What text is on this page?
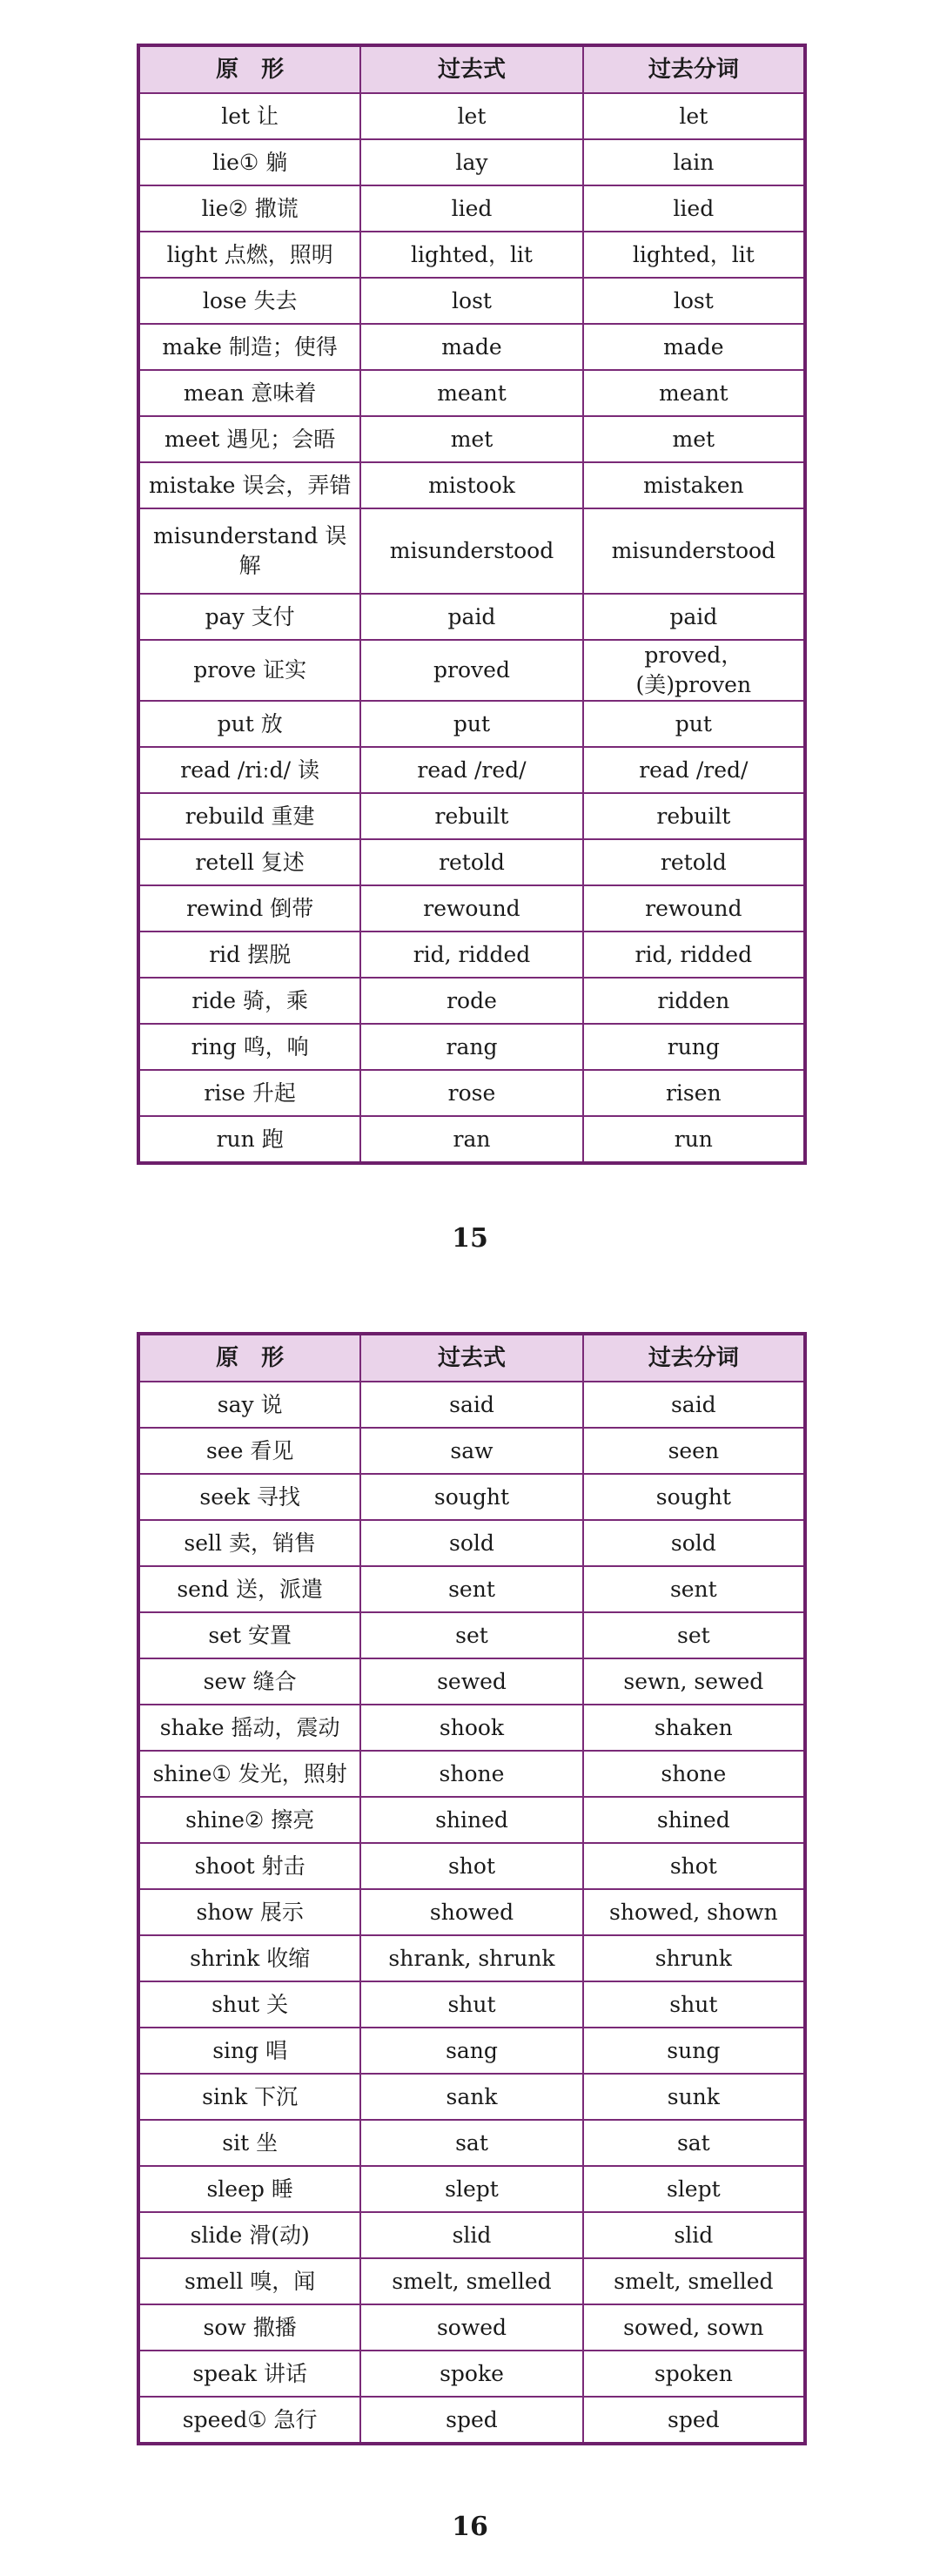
原　形	过去式	过去分词
let 让	let	let
lie① 躺	lay	lain
lie② 撒谎	lied	lied
light 点燃，照明	lighted，lit	lighted，lit
lose 失去	lost	lost
make 制造；使得	made	made
mean 意味着	meant	meant
meet 遇见；会晤	met	met
mistake 误会，弄错	mistook	mistaken
misunderstand 误解	misunderstood	misunderstood
pay 支付	paid	paid
prove 证实	proved	proved，(美)proven
put 放	put	put
read /riːd/ 读	read /red/	read /red/
rebuild 重建	rebuilt	rebuilt
retell 复述	retold	retold
rewind 倒带	rewound	rewound
rid 摆脱	rid, ridded	rid, ridded
ride 骑，乘	rode	ridden
ring 鸣，响	rang	rung
rise 升起	rose	risen
run 跑	ran	run
15
原　形	过去式	过去分词
say 说	said	said
see 看见	saw	seen
seek 寻找	sought	sought
sell 卖，销售	sold	sold
send 送，派遣	sent	sent
set 安置	set	set
sew 缝合	sewed	sewn, sewed
shake 摇动，震动	shook	shaken
shine① 发光，照射	shone	shone
shine② 擦亮	shined	shined
shoot 射击	shot	shot
show 展示	showed	showed, shown
shrink 收缩	shrank, shrunk	shrunk
shut 关	shut	shut
sing 唱	sang	sung
sink 下沉	sank	sunk
sit 坐	sat	sat
sleep 睡	slept	slept
slide 滑(动)	slid	slid
smell 嗅，闻	smelt, smelled	smelt, smelled
sow 撒播	sowed	sowed, sown
speak 讲话	spoke	spoken
speed① 急行	sped	sped
16
